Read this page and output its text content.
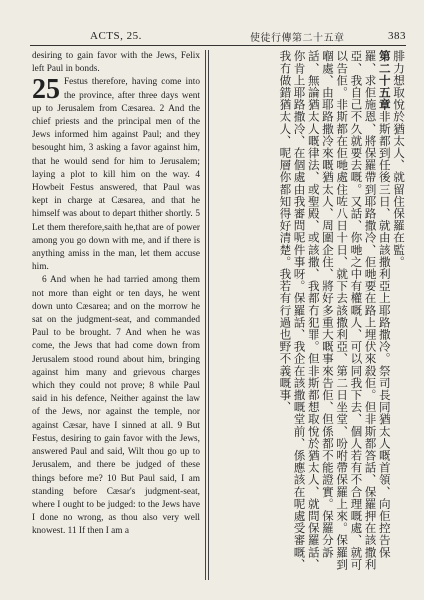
ACTS, 25.	使徒行傳第二十五章	383

desiring to gain favor with the Jews, Felix left Paul in bonds.

25 Festus therefore, having come into the province, after three days went up to Jerusalem from Cæsarea. 2 And the chief priests and the principal men of the Jews informed him against Paul; and they besought him, 3 asking a favor against him, that he would send for him to Jerusalem; laying a plot to kill him on the way. 4 Howbeit Festus answered, that Paul was kept in charge at Cæsarea, and that he himself was about to depart thither shortly. 5 Let them therefore,saith he,that are of power among you go down with me, and if there is anything amiss in the man, let them accuse him.

6 And when he had tarried among them not more than eight or ten days, he went down unto Cæsarea; and on the morrow he sat on the judgment-seat, and commanded Paul to be brought. 7 And when he was come, the Jews that had come down from Jerusalem stood round about him, bringing against him many and grievous charges which they could not prove; 8 while Paul said in his defence, Neither against the law of the Jews, nor against the temple, nor against Cæsar, have I sinned at all. 9 But Festus, desiring to gain favor with the Jews, answered Paul and said, Wilt thou go up to Jerusalem, and there be judged of these things before me? 10 But Paul said, I am standing before Cæsar's judgment-seat, where I ought to be judged: to the Jews have I done no wrong, as thou also very well knowest. 11 If then I am a

腓力想取悅於猶太人、就留住保羅在監。
第二十五章非斯都到任後三日、就由該撒利亞上耶路撒冷。祭司長同猶太人嘅首領、向佢控告保羅、求佢施恩、將保羅帶到耶路撒冷、佢哋要在路上埋伏來殺佢。但非斯都答話、保羅押在該撒利亞、我自己不久就要去嘅。又話、你哋之中有權嘅人、可以同我下去、個人若有不合理嘅處、就可以告佢。非斯都在佢哋處住咗八日十日、就下去該撒利亞、第二日坐堂、吩咐帶保羅上來。保羅到嗰處、由耶路撒冷來嘅猶太人、周圍企住、將好多重大嘅事來告佢、但係都不能證實。保羅分訴話、無論猶太人嘅律法、或聖殿、或該撒、我都冇犯罪。但非斯都想取悅於猶太人、就問保羅話、你肯上耶路撒冷、在個處由我審問呢件事呀。保羅話、我企在該撒嘅堂前、係應該在呢處受審嘅、我冇做錯猶太人、呢層你都知得好清楚。我若有行過也野不義嘅事、
